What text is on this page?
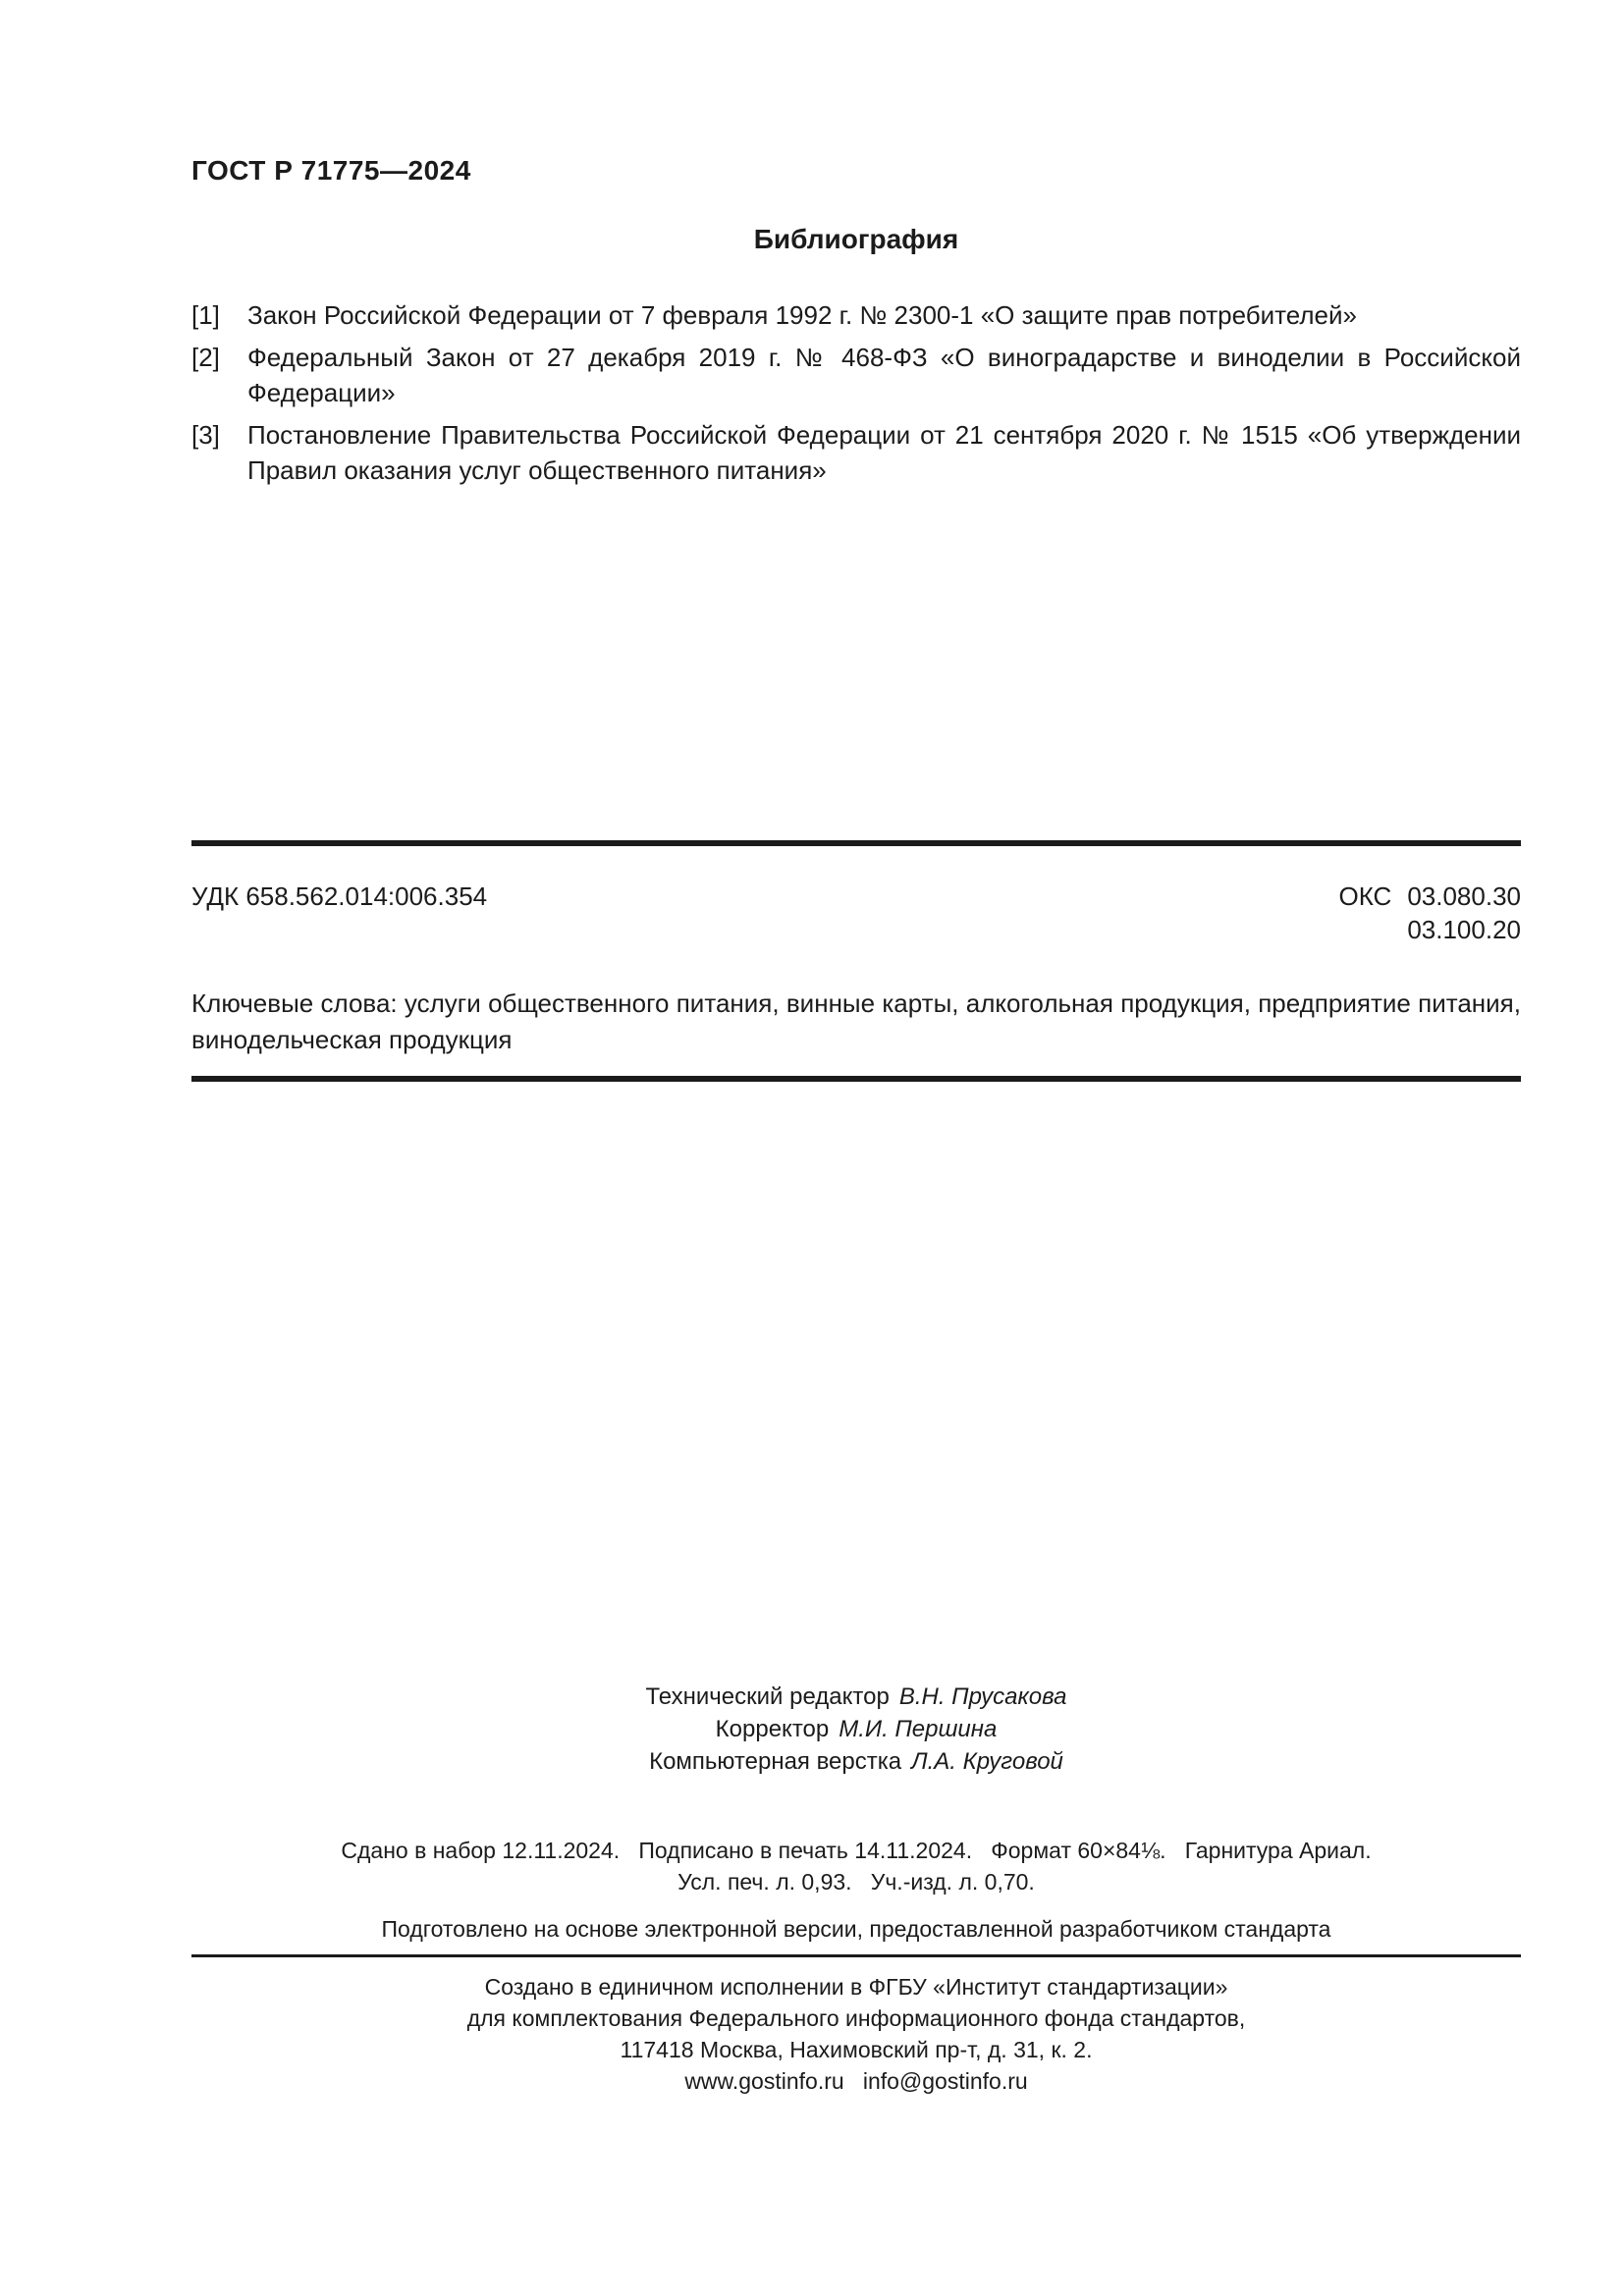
ГОСТ Р 71775—2024
Библиография
[1]	Закон Российской Федерации от 7 февраля 1992 г. № 2300-1 «О защите прав потребителей»
[2]	Федеральный Закон от 27 декабря 2019 г. № 468-ФЗ «О виноградарстве и виноделии в Российской Федерации»
[3]	Постановление Правительства Российской Федерации от 21 сентября 2020 г. № 1515 «Об утверждении Правил оказания услуг общественного питания»
УДК 658.562.014:006.354	ОКС 03.080.30
03.100.20
Ключевые слова: услуги общественного питания, винные карты, алкогольная продукция, предприятие питания, винодельческая продукция
Технический редактор В.Н. Прусакова
Корректор М.И. Першина
Компьютерная верстка Л.А. Круговой
Сдано в набор 12.11.2024.   Подписано в печать 14.11.2024.   Формат 60×84⅛.   Гарнитура Ариал.
Усл. печ. л. 0,93.   Уч.-изд. л. 0,70.
Подготовлено на основе электронной версии, предоставленной разработчиком стандарта
Создано в единичном исполнении в ФГБУ «Институт стандартизации»
для комплектования Федерального информационного фонда стандартов,
117418 Москва, Нахимовский пр-т, д. 31, к. 2.
www.gostinfo.ru   info@gostinfo.ru
